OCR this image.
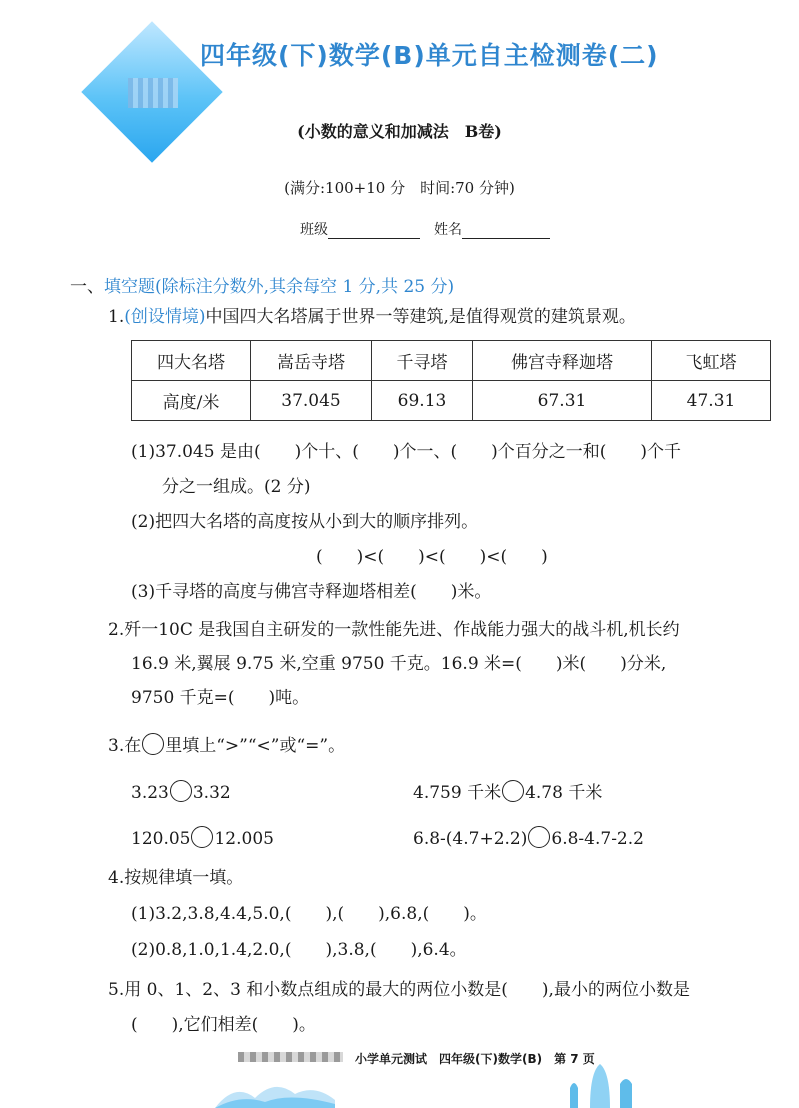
四年级(下)数学(B)单元自主检测卷(二)
(小数的意义和加减法　B卷)
(满分:100+10 分　时间:70 分钟)
班级	姓名
一、填空题(除标注分数外,其余每空 1 分,共 25 分)
1.(创设情境)中国四大名塔属于世界一等建筑,是值得观赏的建筑景观。
四大名塔	嵩岳寺塔	千寻塔	佛宫寺释迦塔	飞虹塔
高度/米	37.045	69.13	67.31	47.31
(1)37.045 是由(　　)个十、(　　)个一、(　　)个百分之一和(　　)个千
分之一组成。(2 分)
(2)把四大名塔的高度按从小到大的顺序排列。
(　　)<(　　)<(　　)<(　　)
(3)千寻塔的高度与佛宫寺释迦塔相差(　　)米。
2.歼一10C 是我国自主研发的一款性能先进、作战能力强大的战斗机,机长约
16.9 米,翼展 9.75 米,空重 9750 千克。16.9 米=(　　)米(　　)分米,
9750 千克=(　　)吨。
3.在 里填上“>”“<”或“=”。
3.23 3.32	4.759 千米 4.78 千米
120.05 12.005	6.8-(4.7+2.2) 6.8-4.7-2.2
4.按规律填一填。
(1)3.2,3.8,4.4,5.0,(　　),(　　),6.8,(　　)。
(2)0.8,1.0,1.4,2.0,(　　),3.8,(　　),6.4。
5.用 0、1、2、3 和小数点组成的最大的两位小数是(　　),最小的两位小数是
(　　),它们相差(　　)。
小学单元测试　四年级(下)数学(B)　第 7 页
